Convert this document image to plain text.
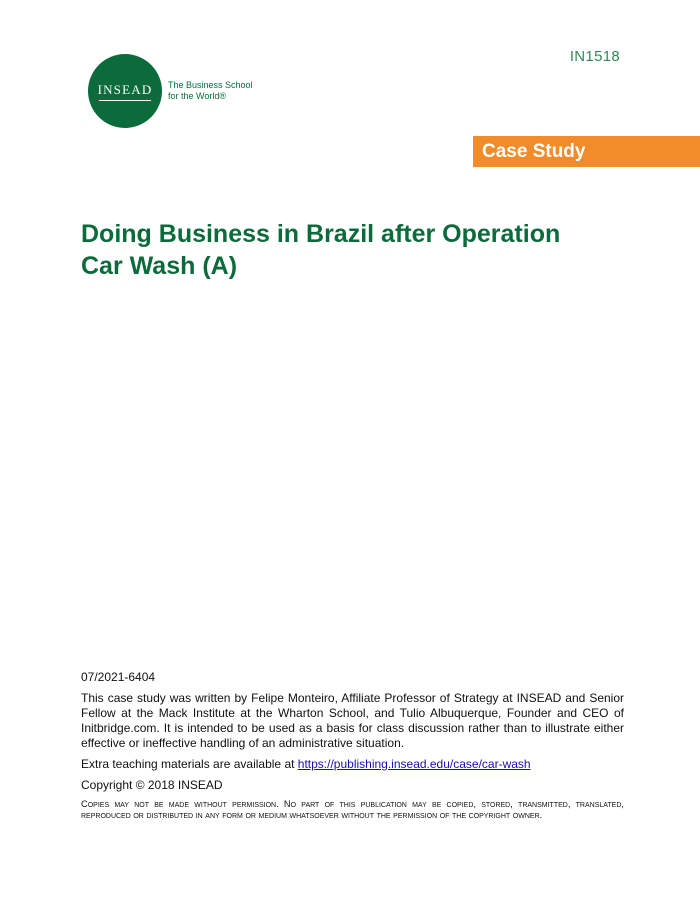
IN1518
INSEAD The Business School
for the World®
Case Study
Doing Business in Brazil after Operation
Car Wash (A)

07/2021-6404

This case study was written by Felipe Monteiro, Affiliate Professor of Strategy at INSEAD and Senior Fellow at the Mack Institute at the Wharton School, and Tulio Albuquerque, Founder and CEO of Initbridge.com. It is intended to be used as a basis for class discussion rather than to illustrate either effective or ineffective handling of an administrative situation.

Extra teaching materials are available at https://publishing.insead.edu/case/car-wash

Copyright © 2018 INSEAD

Copies may not be made without permission. No part of this publication may be copied, stored, transmitted, translated, reproduced or distributed in any form or medium whatsoever without the permission of the copyright owner.
